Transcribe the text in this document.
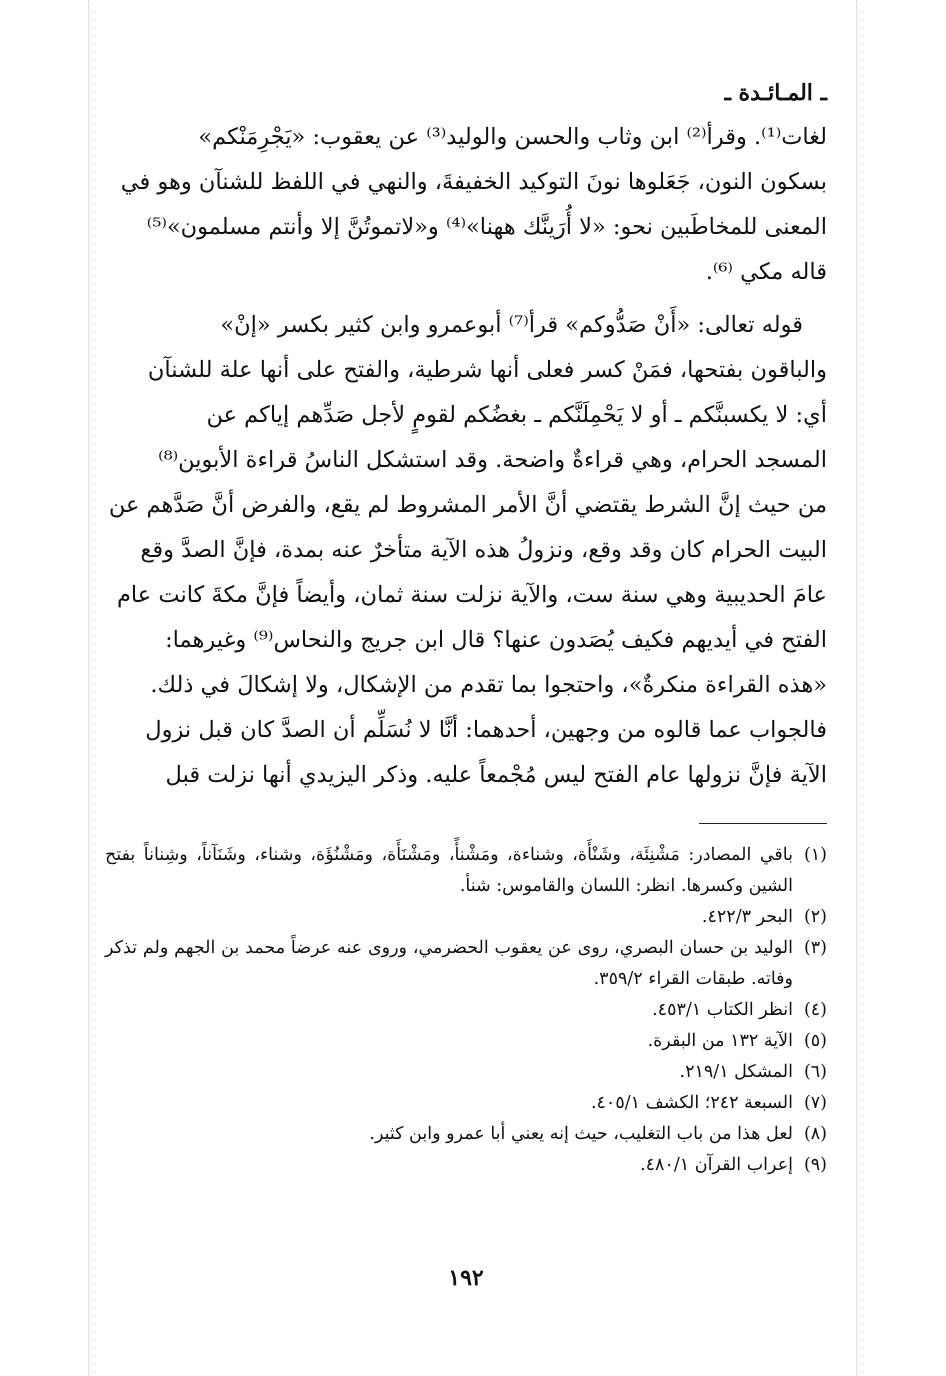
ـ المـائـدة ـ

لغات⁽¹⁾. وقرأ⁽²⁾ ابن وثاب والحسن والوليد⁽³⁾ عن يعقوب: «يَجْرِمَنْكم»

بسكون النون، جَعَلوها نونَ التوكيد الخفيفةَ، والنهي في اللفظ للشنآن وهو في

المعنى للمخاطَبين نحو: «لا أُرَينَّك ههنا»⁽⁴⁾ و«لاتموتُنَّ إلا وأنتم مسلمون»⁽⁵⁾

قاله مكي ⁽⁶⁾.

قوله تعالى: «أَنْ صَدُّوكم» قرأ⁽⁷⁾ أبوعمرو وابن كثير بكسر «إنْ»

والباقون بفتحها، فمَنْ كسر فعلى أنها شرطية، والفتح على أنها علة للشنآن

أي: لا يكسبنَّكم ـ أو لا يَحْمِلَنَّكم ـ بغضُكم لقومٍ لأجل صَدِّهم إياكم عن

المسجد الحرام، وهي قراءةٌ واضحة. وقد استشكل الناسُ قراءة الأبوين⁽⁸⁾

من حيث إنَّ الشرط يقتضي أنَّ الأمر المشروط لم يقع، والفرض أنَّ صَدَّهم عن

البيت الحرام كان وقد وقع، ونزولُ هذه الآية متأخرٌ عنه بمدة، فإنَّ الصدَّ وقع

عامَ الحديبية وهي سنة ست، والآية نزلت سنة ثمان، وأيضاً فإنَّ مكةَ كانت عام

الفتح في أيديهم فكيف يُصَدون عنها؟ قال ابن جريج والنحاس⁽⁹⁾ وغيرهما:

«هذه القراءة منكرةٌ»، واحتجوا بما تقدم من الإشكال، ولا إشكالَ في ذلك.

فالجواب عما قالوه من وجهين، أحدهما: أنَّا لا نُسَلِّم أن الصدَّ كان قبل نزول

الآية فإنَّ نزولها عام الفتح ليس مُجْمعاً عليه. وذكر اليزيدي أنها نزلت قبل

(١)
باقي المصادر: مَشْنِئَة، وشَنْأَة، وشناءة، ومَشْنأً، ومَشْنَأَة، ومَشْنُؤَة، وشناء، وشَنَآناً، وشِناناً بفتح الشين وكسرها. انظر: اللسان والقاموس: شنأ.
(٢)
البحر ٤٢٢/٣.
(٣)
الوليد بن حسان البصري، روى عن يعقوب الحضرمي، وروى عنه عرضاً محمد بن الجهم ولم تذكر وفاته. طبقات القراء ٣٥٩/٢.
(٤)
انظر الكتاب ٤٥٣/١.
(٥)
الآية ١٣٢ من البقرة.
(٦)
المشكل ٢١٩/١.
(٧)
السبعة ٢٤٢؛ الكشف ٤٠٥/١.
(٨)
لعل هذا من باب التغليب، حيث إنه يعني أبا عمرو وابن كثير.
(٩)
إعراب القرآن ٤٨٠/١.
١٩٢
